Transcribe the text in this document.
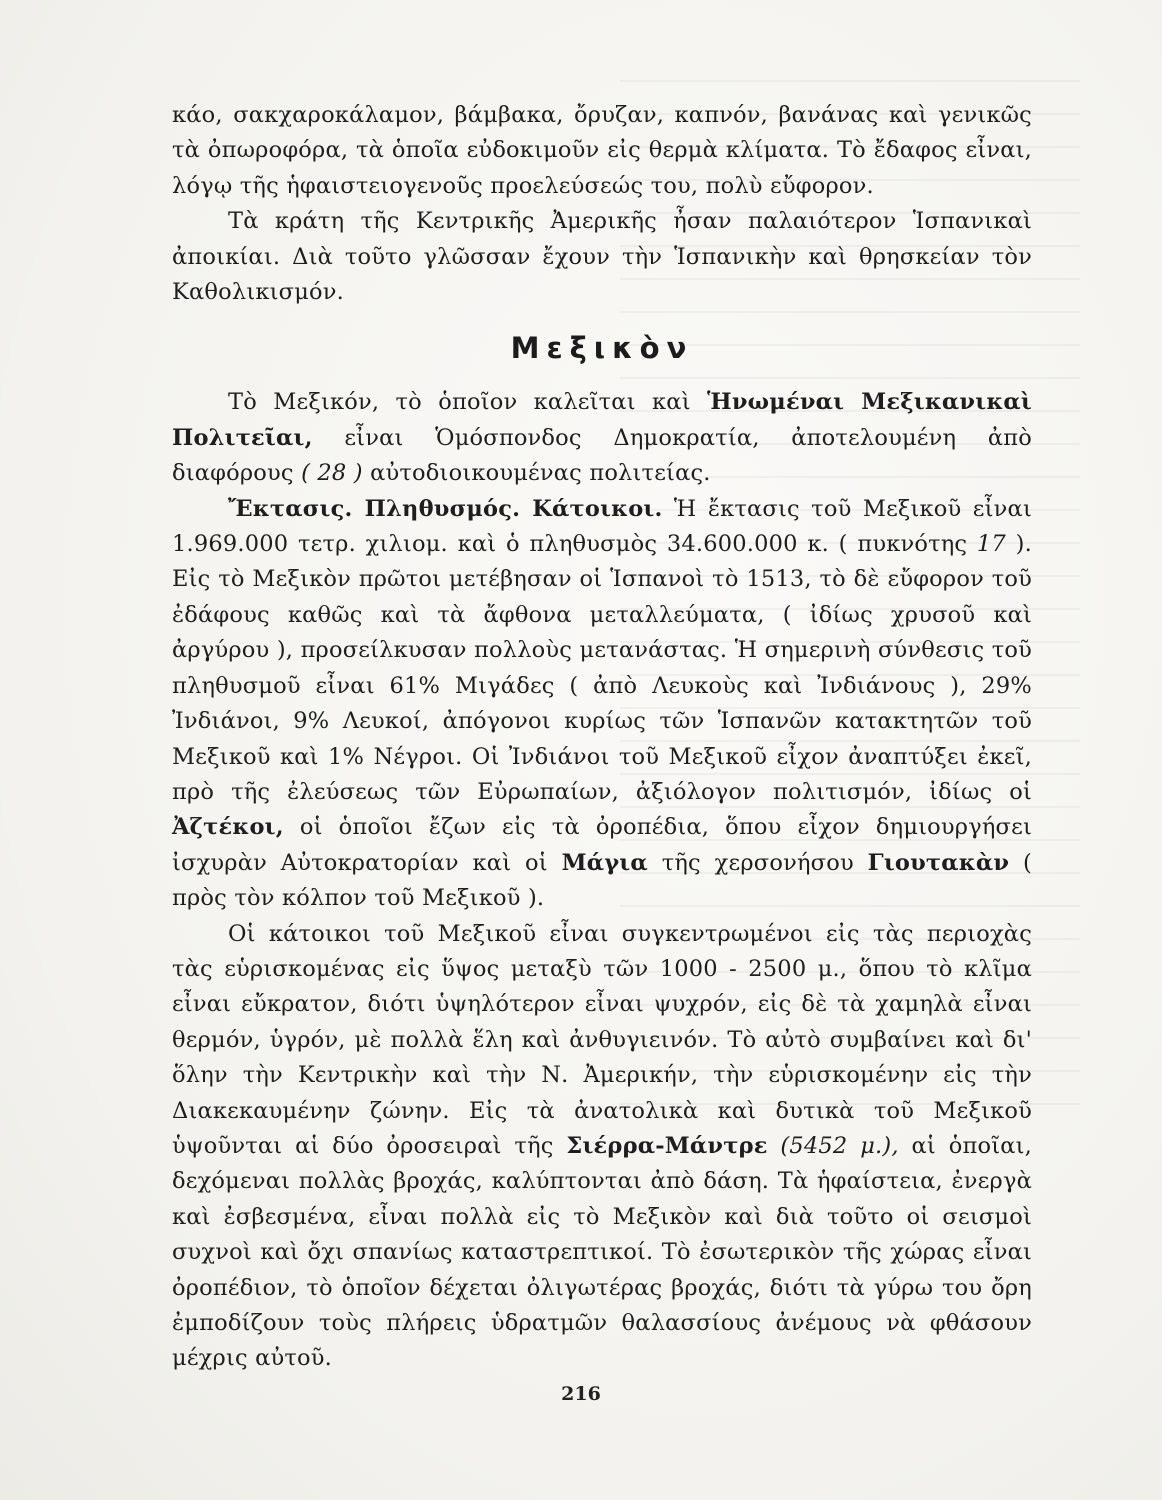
κάο, σακχαροκάλαμον, βάμβακα, ὄρυζαν, καπνόν, βανάνας καὶ γενικῶς τὰ ὀπωροφόρα, τὰ ὁποῖα εὐδοκιμοῦν εἰς θερμὰ κλίματα. Τὸ ἔδαφος εἶναι, λόγῳ τῆς ἡφαιστειογενοῦς προελεύσεώς του, πολὺ εὔφορον.

Τὰ κράτη τῆς Κεντρικῆς Ἀμερικῆς ἦσαν παλαιότερον Ἱσπανικαὶ ἀποικίαι. Διὰ τοῦτο γλῶσσαν ἔχουν τὴν Ἱσπανικὴν καὶ θρησκείαν τὸν Καθολικισμόν.

Μεξικὸν

Τὸ Μεξικόν, τὸ ὁποῖον καλεῖται καὶ Ἡνωμέναι Μεξικανικαὶ Πολιτεῖαι, εἶναι Ὁμόσπονδος Δημοκρατία, ἀποτελουμένη ἀπὸ διαφόρους ( 28 ) αὐτοδιοικουμένας πολιτείας.

Ἔκτασις. Πληθυσμός. Κάτοικοι. Ἡ ἔκτασις τοῦ Μεξικοῦ εἶναι 1.969.000 τετρ. χιλιομ. καὶ ὁ πληθυσμὸς 34.600.000 κ. ( πυκνότης 17 ). Εἰς τὸ Μεξικὸν πρῶτοι μετέβησαν οἱ Ἱσπανοὶ τὸ 1513, τὸ δὲ εὔφορον τοῦ ἐδάφους καθῶς καὶ τὰ ἄφθονα μεταλλεύματα, ( ἰδίως χρυσοῦ καὶ ἀργύρου ), προσείλκυσαν πολλοὺς μετανάστας. Ἡ σημερινὴ σύνθεσις τοῦ πληθυσμοῦ εἶναι 61% Μιγάδες ( ἀπὸ Λευκοὺς καὶ Ἰνδιάνους ), 29% Ἰνδιάνοι, 9% Λευκοί, ἀπόγονοι κυρίως τῶν Ἱσπανῶν κατακτητῶν τοῦ Μεξικοῦ καὶ 1% Νέγροι. Οἱ Ἰνδιάνοι τοῦ Μεξικοῦ εἶχον ἀναπτύξει ἐκεῖ, πρὸ τῆς ἐλεύσεως τῶν Εὐρωπαίων, ἀξιόλογον πολιτισμόν, ἰδίως οἱ Ἀζτέκοι, οἱ ὁποῖοι ἔζων εἰς τὰ ὀροπέδια, ὅπου εἶχον δημιουργήσει ἰσχυρὰν Αὐτοκρατορίαν καὶ οἱ Μάγια τῆς χερσονήσου Γιουτακὰν ( πρὸς τὸν κόλπον τοῦ Μεξικοῦ ).

Οἱ κάτοικοι τοῦ Μεξικοῦ εἶναι συγκεντρωμένοι εἰς τὰς περιοχὰς τὰς εὑρισκομένας εἰς ὕψος μεταξὺ τῶν 1000 - 2500 μ., ὅπου τὸ κλῖμα εἶναι εὔκρατον, διότι ὑψηλότερον εἶναι ψυχρόν, εἰς δὲ τὰ χαμηλὰ εἶναι θερμόν, ὑγρόν, μὲ πολλὰ ἕλη καὶ ἀνθυγιεινόν. Τὸ αὐτὸ συμβαίνει καὶ δι' ὅλην τὴν Κεντρικὴν καὶ τὴν Ν. Ἀμερικήν, τὴν εὑρισκομένην εἰς τὴν Διακεκαυμένην ζώνην. Εἰς τὰ ἀνατολικὰ καὶ δυτικὰ τοῦ Μεξικοῦ ὑψοῦνται αἱ δύο ὀροσειραὶ τῆς Σιέρρα-Μάντρε (5452 μ.), αἱ ὁποῖαι, δεχόμεναι πολλὰς βροχάς, καλύπτονται ἀπὸ δάση. Τὰ ἡφαίστεια, ἐνεργὰ καὶ ἐσβεσμένα, εἶναι πολλὰ εἰς τὸ Μεξικὸν καὶ διὰ τοῦτο οἱ σεισμοὶ συχνοὶ καὶ ὄχι σπανίως καταστρεπτικοί. Τὸ ἐσωτερικὸν τῆς χώρας εἶναι ὀροπέδιον, τὸ ὁποῖον δέχεται ὀλιγωτέρας βροχάς, διότι τὰ γύρω του ὄρη ἐμποδίζουν τοὺς πλήρεις ὑδρατμῶν θαλασσίους ἀνέμους νὰ φθάσουν μέχρις αὐτοῦ.

216
